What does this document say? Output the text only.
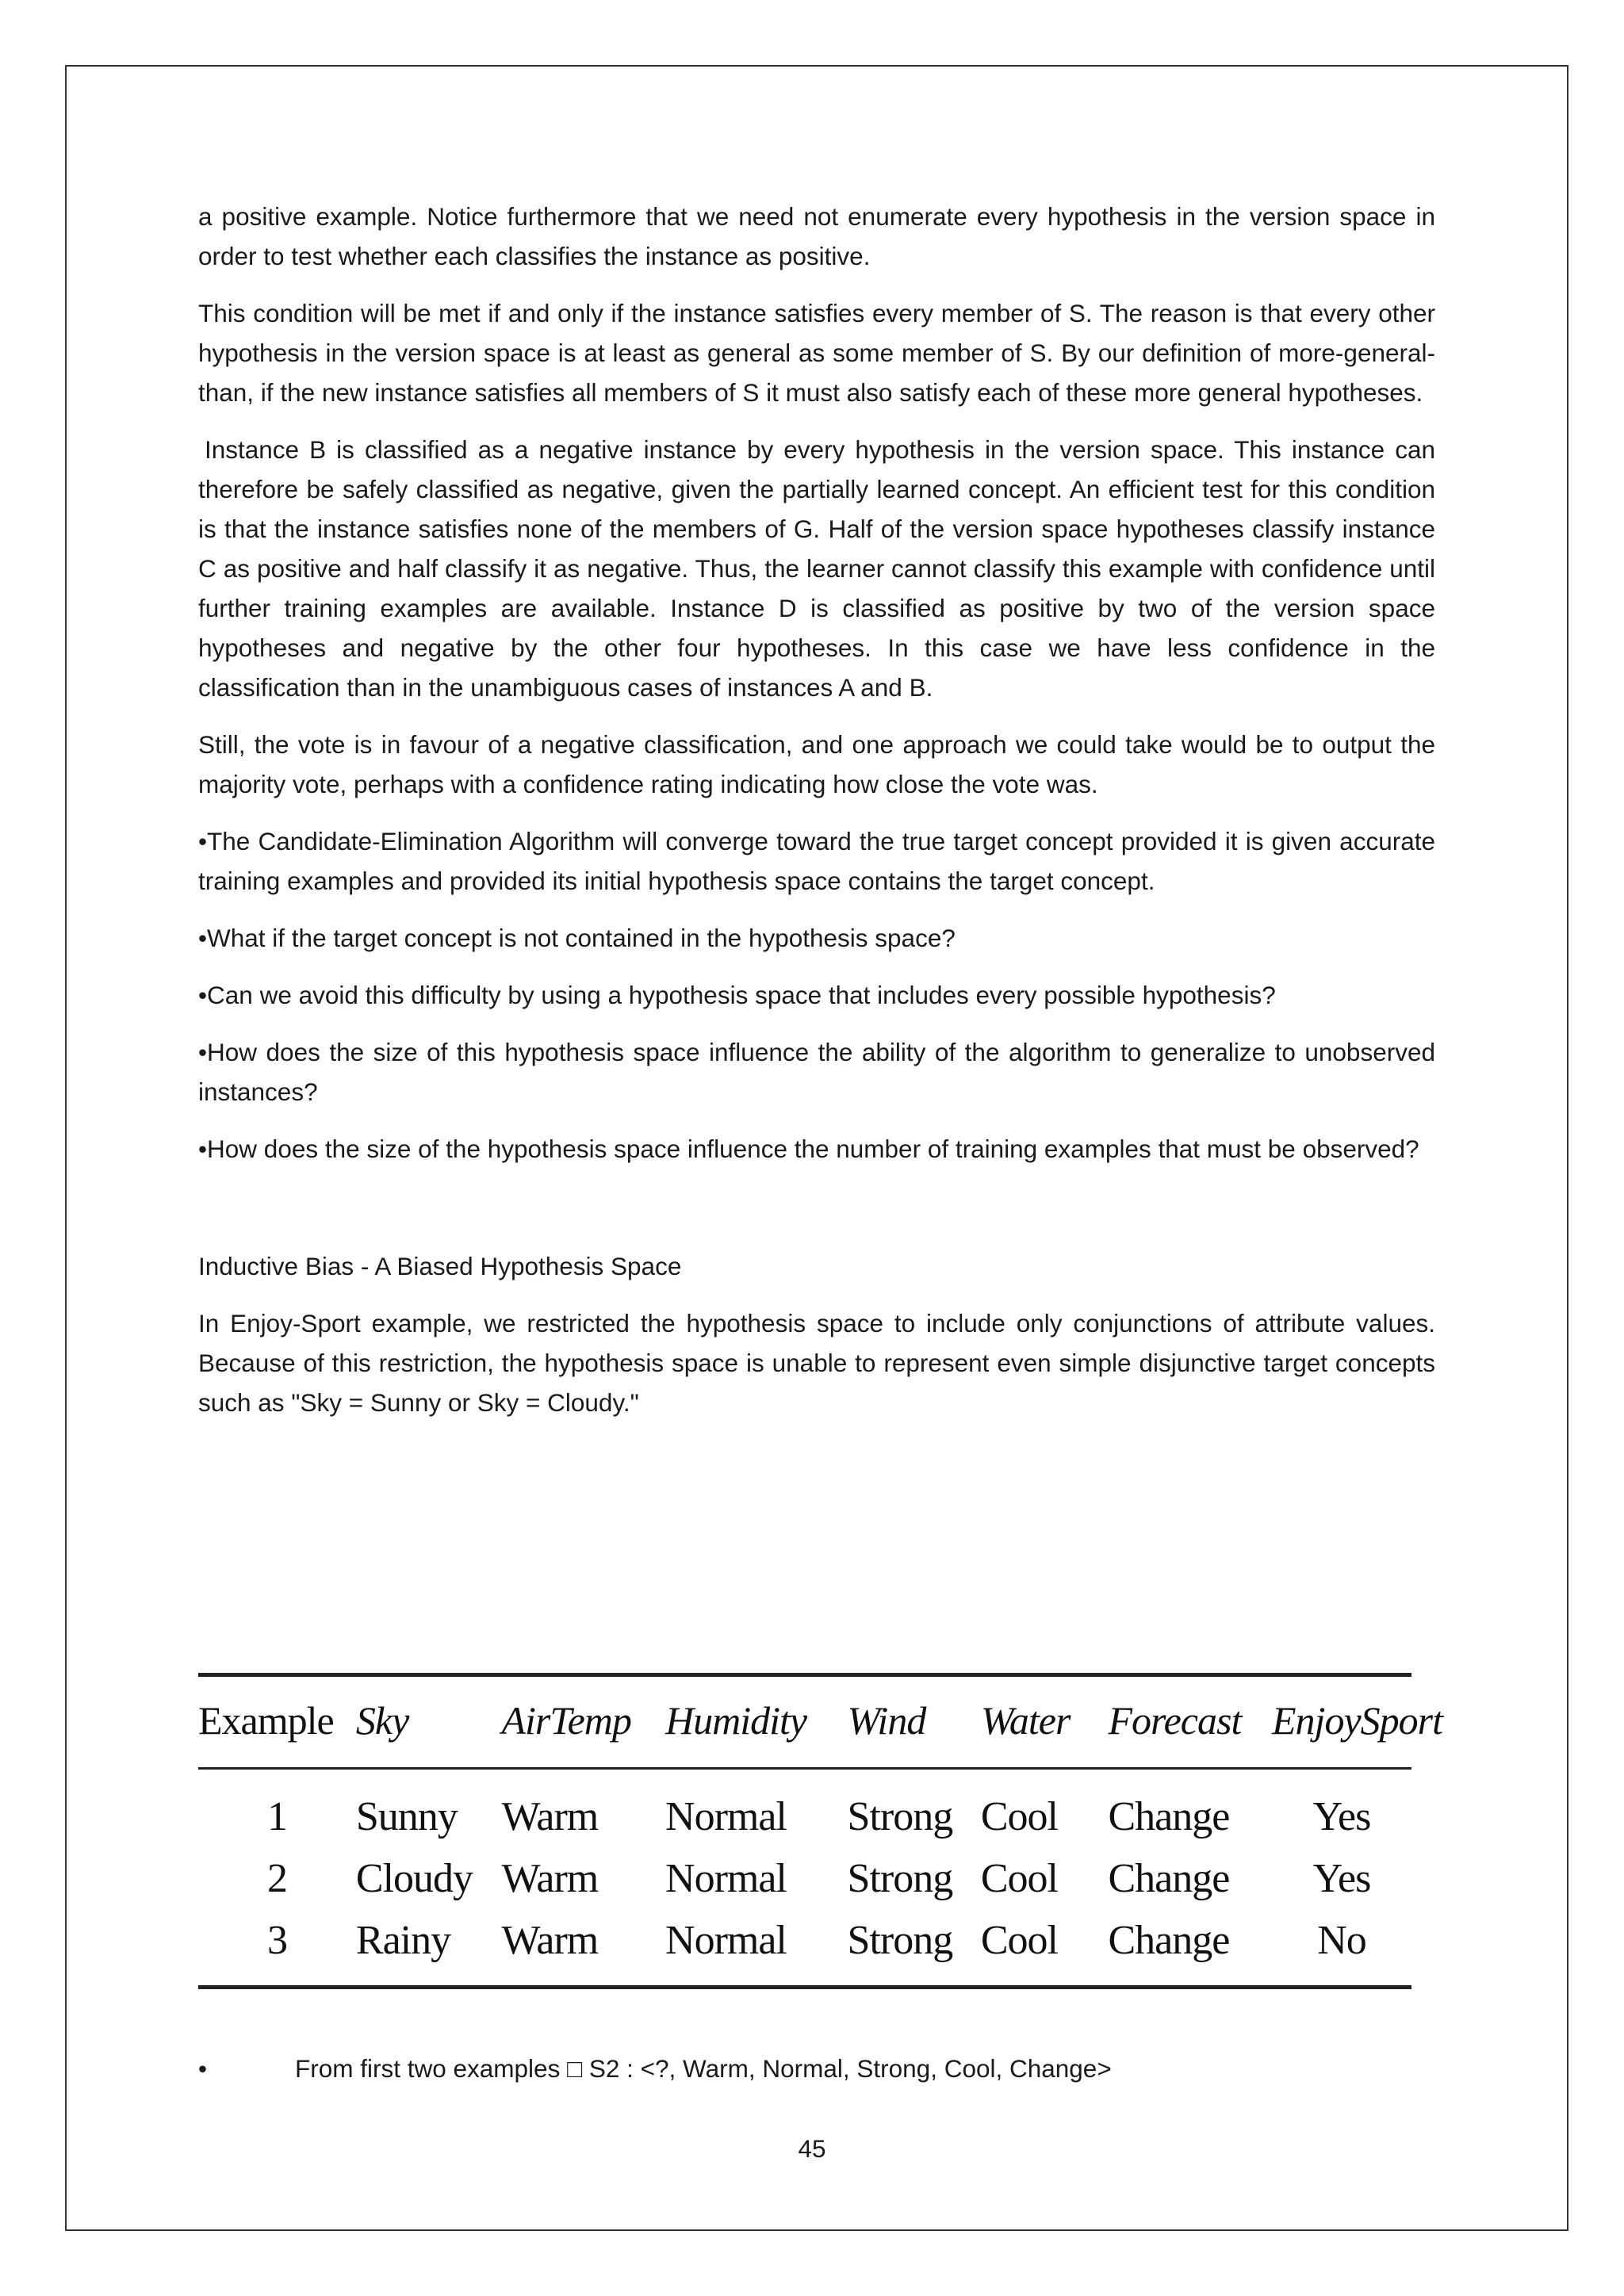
a positive example. Notice furthermore that we need not enumerate every hypothesis in the version space in order to test whether each classifies the instance as positive.

This condition will be met if and only if the instance satisfies every member of S. The reason is that every other hypothesis in the version space is at least as general as some member of S. By our definition of more-general-than, if the new instance satisfies all members of S it must also satisfy each of these more general hypotheses.

Instance B is classified as a negative instance by every hypothesis in the version space. This instance can therefore be safely classified as negative, given the partially learned concept. An efficient test for this condition is that the instance satisfies none of the members of G. Half of the version space hypotheses classify instance C as positive and half classify it as negative. Thus, the learner cannot classify this example with confidence until further training examples are available. Instance D is classified as positive by two of the version space hypotheses and negative by the other four hypotheses. In this case we have less confidence in the classification than in the unambiguous cases of instances A and B.

Still, the vote is in favour of a negative classification, and one approach we could take would be to output the majority vote, perhaps with a confidence rating indicating how close the vote was.

•The Candidate-Elimination Algorithm will converge toward the true target concept provided it is given accurate training examples and provided its initial hypothesis space contains the target concept.

•What if the target concept is not contained in the hypothesis space?

•Can we avoid this difficulty by using a hypothesis space that includes every possible hypothesis?

•How does the size of this hypothesis space influence the ability of the algorithm to generalize to unobserved instances?

•How does the size of the hypothesis space influence the number of training examples that must be observed?

Inductive Bias - A Biased Hypothesis Space

In Enjoy-Sport example, we restricted the hypothesis space to include only conjunctions of attribute values. Because of this restriction, the hypothesis space is unable to represent even simple disjunctive target concepts such as "Sky = Sunny or Sky = Cloudy."

Example	Sky	AirTemp	Humidity	Wind	Water	Forecast	EnjoySport
1	Sunny	Warm	Normal	Strong	Cool	Change	Yes
2	Cloudy	Warm	Normal	Strong	Cool	Change	Yes
3	Rainy	Warm	Normal	Strong	Cool	Change	No
•	From first two examples □ S2 : <?, Warm, Normal, Strong, Cool, Change>
45
